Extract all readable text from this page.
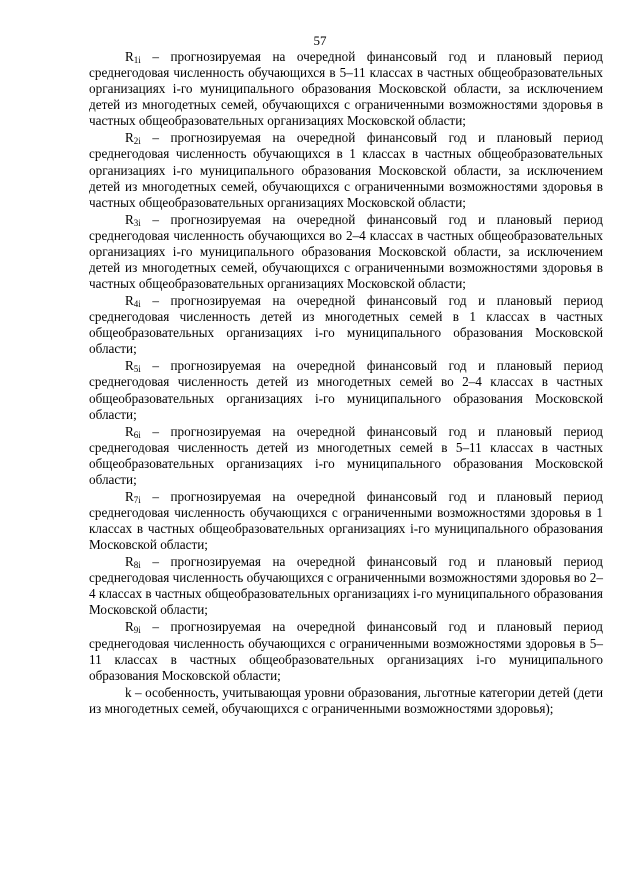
57

$R_{1i}$ – прогнозируемая на очередной финансовый год и плановый период среднегодовая численность обучающихся в 5–11 классах в частных общеобразовательных организациях i-го муниципального образования Московской области, за исключением детей из многодетных семей, обучающихся с ограниченными возможностями здоровья в частных общеобразовательных организациях Московской области;

$R_{2i}$ – прогнозируемая на очередной финансовый год и плановый период среднегодовая численность обучающихся в 1 классах в частных общеобразовательных организациях i-го муниципального образования Московской области, за исключением детей из многодетных семей, обучающихся с ограниченными возможностями здоровья в частных общеобразовательных организациях Московской области;

$R_{3i}$ – прогнозируемая на очередной финансовый год и плановый период среднегодовая численность обучающихся во 2–4 классах в частных общеобразовательных организациях i-го муниципального образования Московской области, за исключением детей из многодетных семей, обучающихся с ограниченными возможностями здоровья в частных общеобразовательных организациях Московской области;

$R_{4i}$ – прогнозируемая на очередной финансовый год и плановый период среднегодовая численность детей из многодетных семей в 1 классах в частных общеобразовательных организациях i-го муниципального образования Московской области;

$R_{5i}$ – прогнозируемая на очередной финансовый год и плановый период среднегодовая численность детей из многодетных семей во 2–4 классах в частных общеобразовательных организациях i-го муниципального образования Московской области;

$R_{6i}$ – прогнозируемая на очередной финансовый год и плановый период среднегодовая численность детей из многодетных семей в 5–11 классах в частных общеобразовательных организациях i-го муниципального образования Московской области;

$R_{7i}$ – прогнозируемая на очередной финансовый год и плановый период среднегодовая численность обучающихся с ограниченными возможностями здоровья в 1 классах в частных общеобразовательных организациях i-го муниципального образования Московской области;

$R_{8i}$ – прогнозируемая на очередной финансовый год и плановый период среднегодовая численность обучающихся с ограниченными возможностями здоровья во 2–4 классах в частных общеобразовательных организациях i-го муниципального образования Московской области;

$R_{9i}$ – прогнозируемая на очередной финансовый год и плановый период среднегодовая численность обучающихся с ограниченными возможностями здоровья в 5–11 классах в частных общеобразовательных организациях i-го муниципального образования Московской области;

k – особенность, учитывающая уровни образования, льготные категории детей (дети из многодетных семей, обучающихся с ограниченными возможностями здоровья);
